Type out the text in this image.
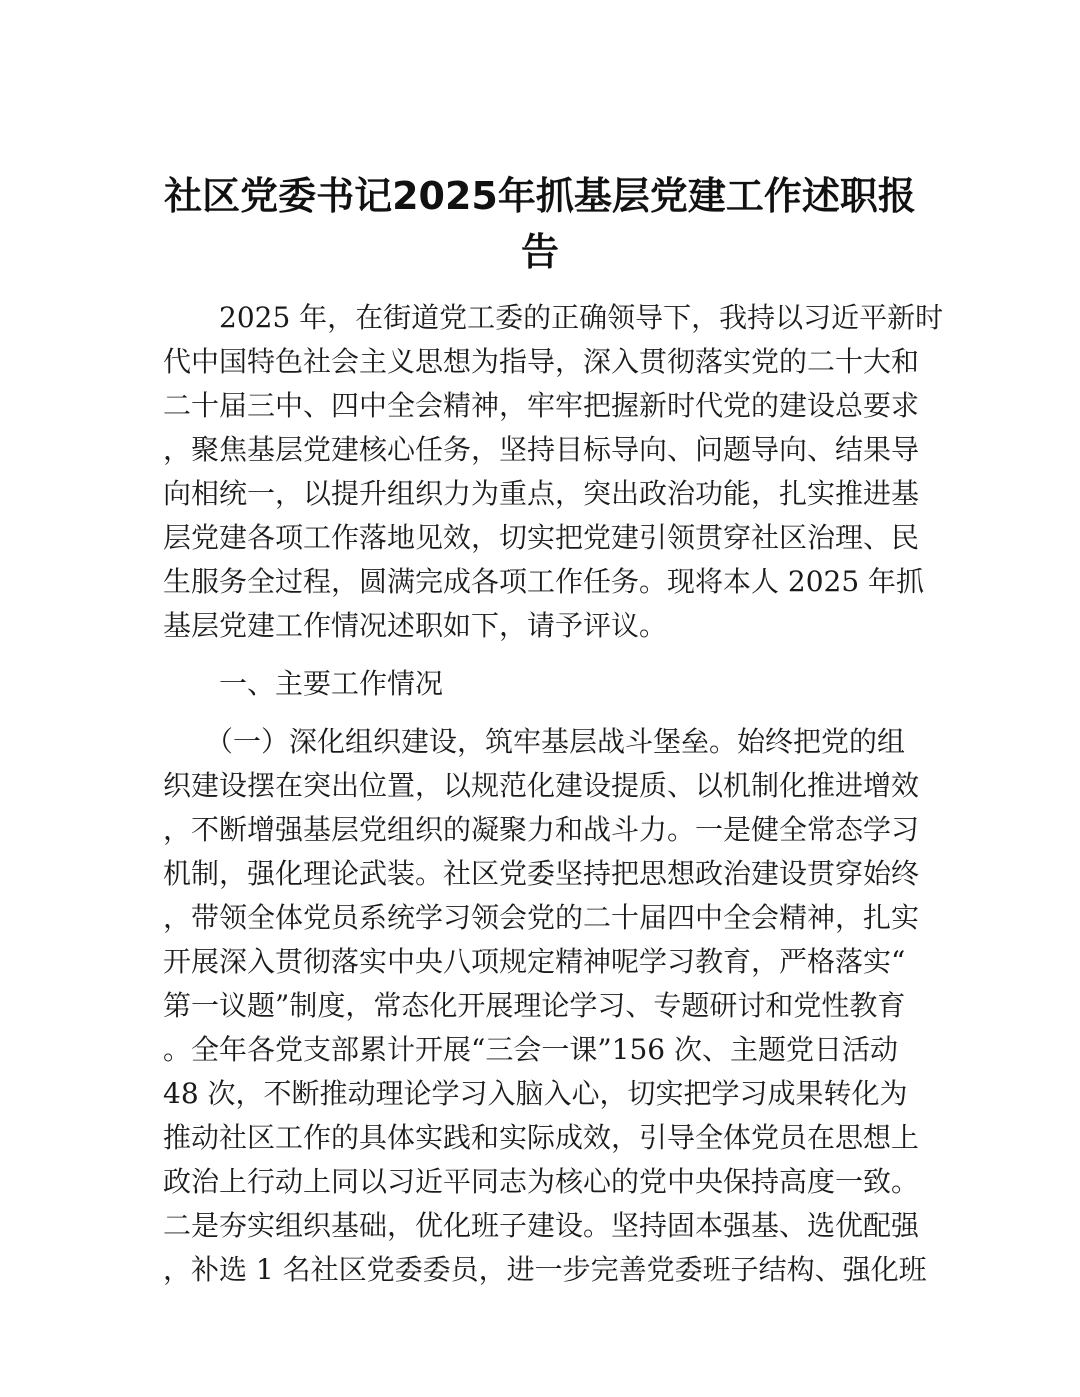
社区党委书记2025年抓基层党建工作述职报
告
　　2025 年，在街道党工委的正确领导下，我持以习近平新时
代中国特色社会主义思想为指导，深入贯彻落实党的二十大和
二十届三中、四中全会精神，牢牢把握新时代党的建设总要求
，聚焦基层党建核心任务，坚持目标导向、问题导向、结果导
向相统一，以提升组织力为重点，突出政治功能，扎实推进基
层党建各项工作落地见效，切实把党建引领贯穿社区治理、民
生服务全过程，圆满完成各项工作任务。现将本人 2025 年抓
基层党建工作情况述职如下，请予评议。
　　一、主要工作情况
　　（一）深化组织建设，筑牢基层战斗堡垒。始终把党的组
织建设摆在突出位置，以规范化建设提质、以机制化推进增效
，不断增强基层党组织的凝聚力和战斗力。一是健全常态学习
机制，强化理论武装。社区党委坚持把思想政治建设贯穿始终
，带领全体党员系统学习领会党的二十届四中全会精神，扎实
开展深入贯彻落实中央八项规定精神呢学习教育，严格落实“
第一议题”制度，常态化开展理论学习、专题研讨和党性教育
。全年各党支部累计开展“三会一课”156 次、主题党日活动
48 次，不断推动理论学习入脑入心，切实把学习成果转化为
推动社区工作的具体实践和实际成效，引导全体党员在思想上
政治上行动上同以习近平同志为核心的党中央保持高度一致。
二是夯实组织基础，优化班子建设。坚持固本强基、选优配强
，补选 1 名社区党委委员，进一步完善党委班子结构、强化班
